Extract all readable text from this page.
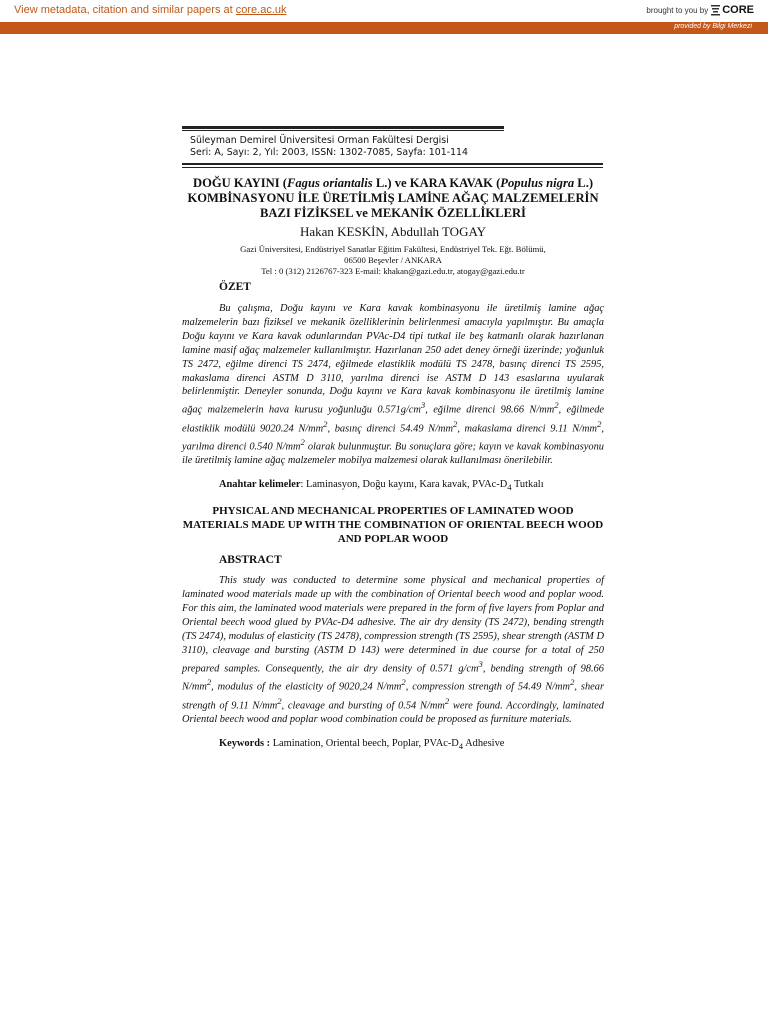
View metadata, citation and similar papers at core.ac.uk	brought to you by CORE
provided by Bilgi Merkezi
Süleyman Demirel Üniversitesi Orman Fakültesi Dergisi
Seri: A, Sayı: 2, Yıl: 2003, ISSN: 1302-7085, Sayfa: 101-114
DOĞU KAYINI (Fagus oriantalis L.) ve KARA KAVAK (Populus nigra L.) KOMBİNASYONU İLE ÜRETİLMİŞ LAMİNE AĞAÇ MALZEMELERİN BAZI FİZİKSEL ve MEKANİK ÖZELLİKLERİ
Hakan KESKİN, Abdullah TOGAY
Gazi Üniversitesi, Endüstriyel Sanatlar Eğitim Fakültesi, Endüstriyel Tek. Eğt. Bölümü,
06500 Beşevler / ANKARA
Tel : 0 (312) 2126767-323 E-mail: khakan@gazi.edu.tr, atogay@gazi.edu.tr
ÖZET

Bu çalışma, Doğu kayını ve Kara kavak kombinasyonu ile üretilmiş lamine ağaç malzemelerin bazı fiziksel ve mekanik özelliklerinin belirlenmesi amacıyla yapılmıştır. Bu amaçla Doğu kayını ve Kara kavak odunlarından PVAc-D4 tipi tutkal ile beş katmanlı olarak hazırlanan lamine masif ağaç malzemeler kullanılmıştır. Hazırlanan 250 adet deney örneği üzerinde; yoğunluk TS 2472, eğilme direnci TS 2474, eğilmede elastiklik modülü TS 2478, basınç direnci TS 2595, makaslama direnci ASTM D 3110, yarılma direnci ise ASTM D 143 esaslarına uyularak belirlenmiştir. Deneyler sonunda, Doğu kayını ve Kara kavak kombinasyonu ile üretilmiş lamine ağaç malzemelerin hava kurusu yoğunluğu $0.571g/cm^3$, eğilme direnci 98.66 $N/mm^2$, eğilmede elastiklik modülü 9020.24 $N/mm^2$, basınç direnci 54.49 $N/mm^2$, makaslama direnci 9.11 $N/mm^2$, yarılma direnci 0.540 $N/mm^2$ olarak bulunmuştur. Bu sonuçlara göre; kayın ve kavak kombinasyonu ile üretilmiş lamine ağaç malzemeler mobilya malzemesi olarak kullanılması önerilebilir.

Anahtar kelimeler: Laminasyon, Doğu kayını, Kara kavak, PVAc-$D_4$ Tutkalı

PHYSICAL AND MECHANICAL PROPERTIES OF LAMINATED WOOD MATERIALS MADE UP WITH THE COMBINATION OF ORIENTAL BEECH WOOD AND POPLAR WOOD
ABSTRACT

This study was conducted to determine some physical and mechanical properties of laminated wood materials made up with the combination of Oriental beech wood and poplar wood. For this aim, the laminated wood materials were prepared in the form of five layers from Poplar and Oriental beech wood glued by PVAc-D4 adhesive. The air dry density (TS 2472), bending strength (TS 2474), modulus of elasticity (TS 2478), compression strength (TS 2595), shear strength (ASTM D 3110), cleavage and bursting (ASTM D 143) were determined in due course for a total of 250 prepared samples. Consequently, the air dry density of 0.571 $g/cm^3$, bending strength of 98.66 $N/mm^2$, modulus of the elasticity of 9020,24 $N/mm^2$, compression strength of 54.49 $N/mm^2$, shear strength of 9.11 $N/mm^2$, cleavage and bursting of 0.54 $N/mm^2$ were found. Accordingly, laminated Oriental beech wood and poplar wood combination could be proposed as furniture materials.

Keywords : Lamination, Oriental beech, Poplar, PVAc-$D_4$ Adhesive
